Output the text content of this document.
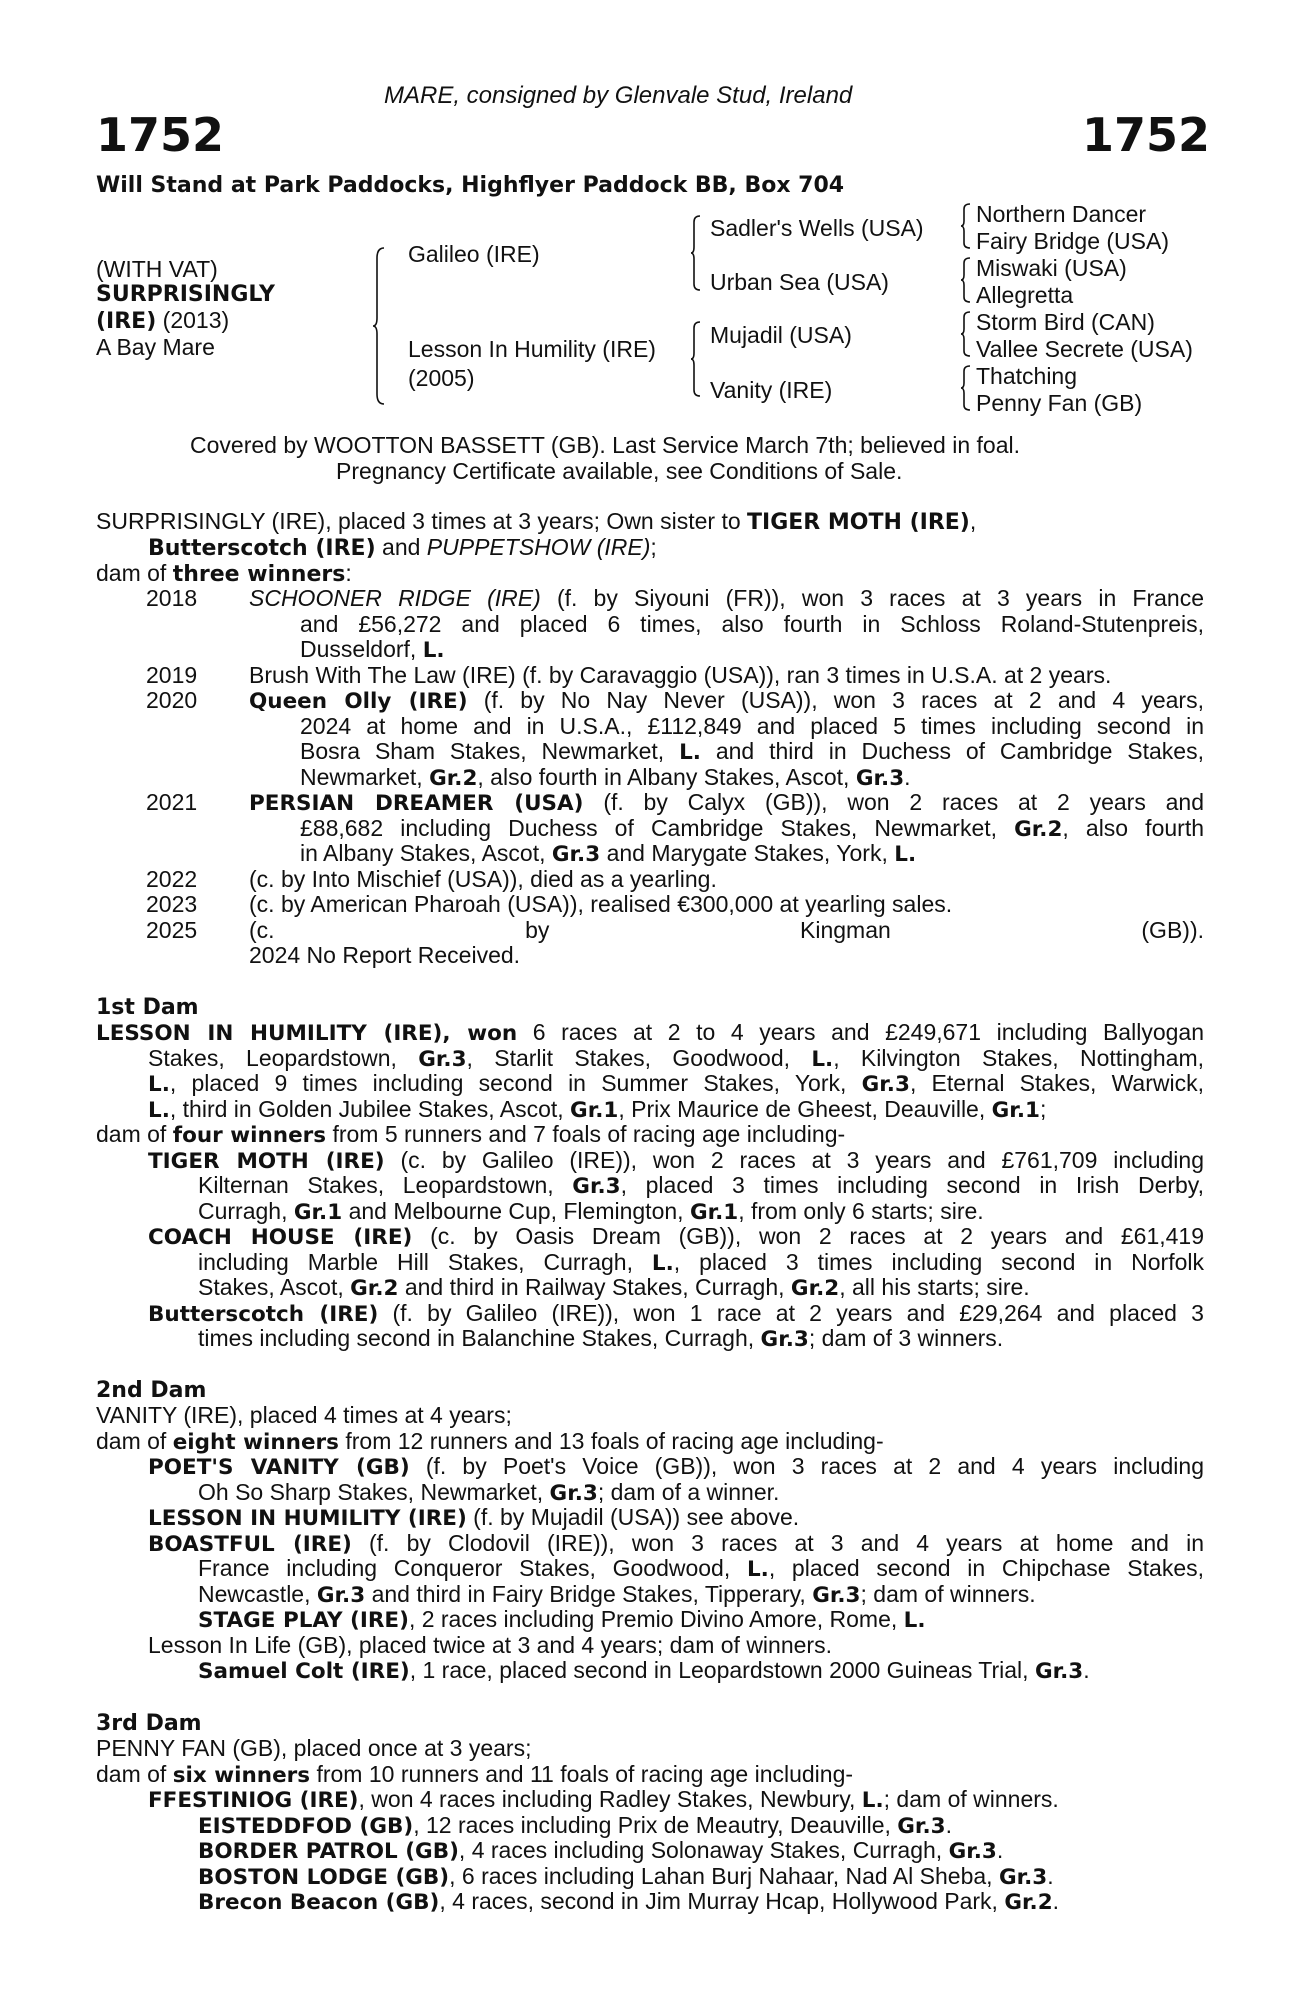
MARE, consigned by Glenvale Stud, Ireland
1752	1752
Will Stand at Park Paddocks, Highflyer Paddock BB, Box 704
(WITH VAT)
SURPRISINGLY
(IRE) (2013)
A Bay Mare
Galileo (IRE)
Lesson In Humility (IRE)
(2005)
Sadler's Wells (USA)
Urban Sea (USA)
Mujadil (USA)
Vanity (IRE)
Northern Dancer
Fairy Bridge (USA)
Miswaki (USA)
Allegretta
Storm Bird (CAN)
Vallee Secrete (USA)
Thatching
Penny Fan (GB)
Covered by WOOTTON BASSETT (GB). Last Service March 7th; believed in foal.
Pregnancy Certificate available, see Conditions of Sale.
SURPRISINGLY (IRE), placed 3 times at 3 years; Own sister to TIGER MOTH (IRE),
Butterscotch (IRE) and PUPPETSHOW (IRE);
dam of three winners:
2018 SCHOONER RIDGE (IRE) (f. by Siyouni (FR)), won 3 races at 3 years in France
and £56,272 and placed 6 times, also fourth in Schloss Roland-Stutenpreis,
Dusseldorf, L.
2019 Brush With The Law (IRE) (f. by Caravaggio (USA)), ran 3 times in U.S.A. at 2 years.
2020 Queen Olly (IRE) (f. by No Nay Never (USA)), won 3 races at 2 and 4 years,
2024 at home and in U.S.A., £112,849 and placed 5 times including second in
Bosra Sham Stakes, Newmarket, L. and third in Duchess of Cambridge Stakes,
Newmarket, Gr.2, also fourth in Albany Stakes, Ascot, Gr.3.
2021 PERSIAN DREAMER (USA) (f. by Calyx (GB)), won 2 races at 2 years and
£88,682 including Duchess of Cambridge Stakes, Newmarket, Gr.2, also fourth
in Albany Stakes, Ascot, Gr.3 and Marygate Stakes, York, L.
2022 (c. by Into Mischief (USA)), died as a yearling.
2023 (c. by American Pharoah (USA)), realised €300,000 at yearling sales.
2025 (c. by Kingman (GB)).
2024 No Report Received.
1st Dam
LESSON IN HUMILITY (IRE), won 6 races at 2 to 4 years and £249,671 including Ballyogan
Stakes, Leopardstown, Gr.3, Starlit Stakes, Goodwood, L., Kilvington Stakes, Nottingham,
L., placed 9 times including second in Summer Stakes, York, Gr.3, Eternal Stakes, Warwick,
L., third in Golden Jubilee Stakes, Ascot, Gr.1, Prix Maurice de Gheest, Deauville, Gr.1;
dam of four winners from 5 runners and 7 foals of racing age including-
TIGER MOTH (IRE) (c. by Galileo (IRE)), won 2 races at 3 years and £761,709 including
Kilternan Stakes, Leopardstown, Gr.3, placed 3 times including second in Irish Derby,
Curragh, Gr.1 and Melbourne Cup, Flemington, Gr.1, from only 6 starts; sire.
COACH HOUSE (IRE) (c. by Oasis Dream (GB)), won 2 races at 2 years and £61,419
including Marble Hill Stakes, Curragh, L., placed 3 times including second in Norfolk
Stakes, Ascot, Gr.2 and third in Railway Stakes, Curragh, Gr.2, all his starts; sire.
Butterscotch (IRE) (f. by Galileo (IRE)), won 1 race at 2 years and £29,264 and placed 3
times including second in Balanchine Stakes, Curragh, Gr.3; dam of 3 winners.
2nd Dam
VANITY (IRE), placed 4 times at 4 years;
dam of eight winners from 12 runners and 13 foals of racing age including-
POET'S VANITY (GB) (f. by Poet's Voice (GB)), won 3 races at 2 and 4 years including
Oh So Sharp Stakes, Newmarket, Gr.3; dam of a winner.
LESSON IN HUMILITY (IRE) (f. by Mujadil (USA)) see above.
BOASTFUL (IRE) (f. by Clodovil (IRE)), won 3 races at 3 and 4 years at home and in
France including Conqueror Stakes, Goodwood, L., placed second in Chipchase Stakes,
Newcastle, Gr.3 and third in Fairy Bridge Stakes, Tipperary, Gr.3; dam of winners.
STAGE PLAY (IRE), 2 races including Premio Divino Amore, Rome, L.
Lesson In Life (GB), placed twice at 3 and 4 years; dam of winners.
Samuel Colt (IRE), 1 race, placed second in Leopardstown 2000 Guineas Trial, Gr.3.
3rd Dam
PENNY FAN (GB), placed once at 3 years;
dam of six winners from 10 runners and 11 foals of racing age including-
FFESTINIOG (IRE), won 4 races including Radley Stakes, Newbury, L.; dam of winners.
EISTEDDFOD (GB), 12 races including Prix de Meautry, Deauville, Gr.3.
BORDER PATROL (GB), 4 races including Solonaway Stakes, Curragh, Gr.3.
BOSTON LODGE (GB), 6 races including Lahan Burj Nahaar, Nad Al Sheba, Gr.3.
Brecon Beacon (GB), 4 races, second in Jim Murray Hcap, Hollywood Park, Gr.2.
